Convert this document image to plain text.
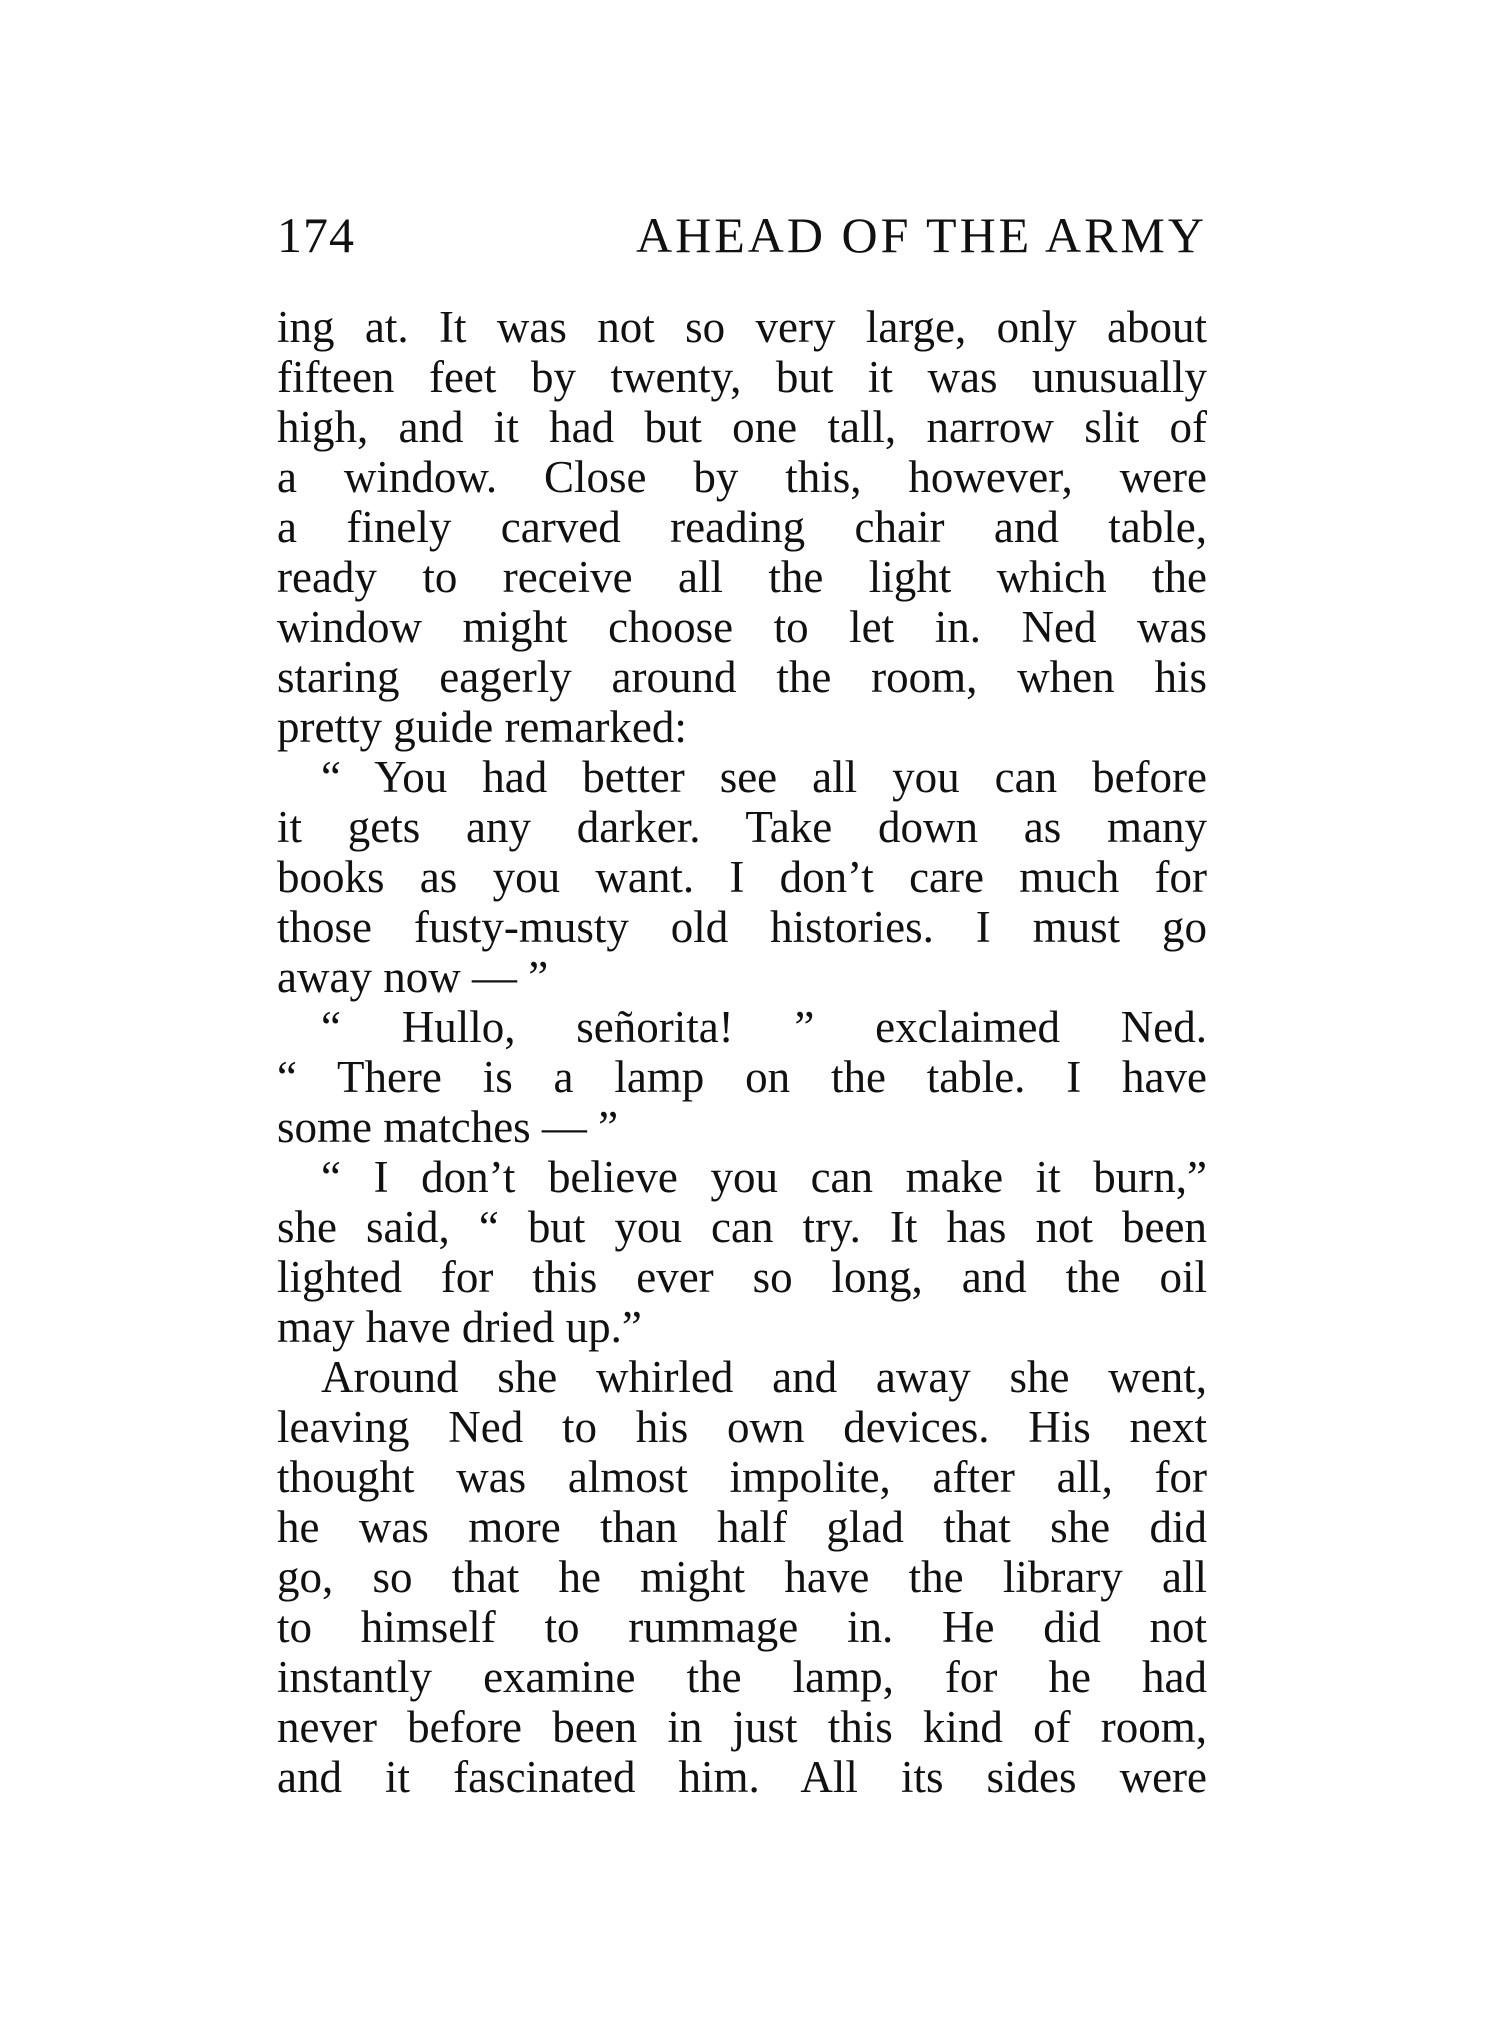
174	AHEAD OF THE ARMY
ing at. It was not so very large, only about
fifteen feet by twenty, but it was unusually
high, and it had but one tall, narrow slit of
a window. Close by this, however, were
a finely carved reading chair and table,
ready to receive all the light which the
window might choose to let in. Ned was
staring eagerly around the room, when his
pretty guide remarked:
“ You had better see all you can before
it gets any darker. Take down as many
books as you want. I don’t care much for
those fusty-musty old histories. I must go
away now — ”
“ Hullo, señorita! ” exclaimed Ned.
“ There is a lamp on the table. I have
some matches — ”
“ I don’t believe you can make it burn,”
she said, “ but you can try. It has not been
lighted for this ever so long, and the oil
may have dried up.”
Around she whirled and away she went,
leaving Ned to his own devices. His next
thought was almost impolite, after all, for
he was more than half glad that she did
go, so that he might have the library all
to himself to rummage in. He did not
instantly examine the lamp, for he had
never before been in just this kind of room,
and it fascinated him. All its sides were
